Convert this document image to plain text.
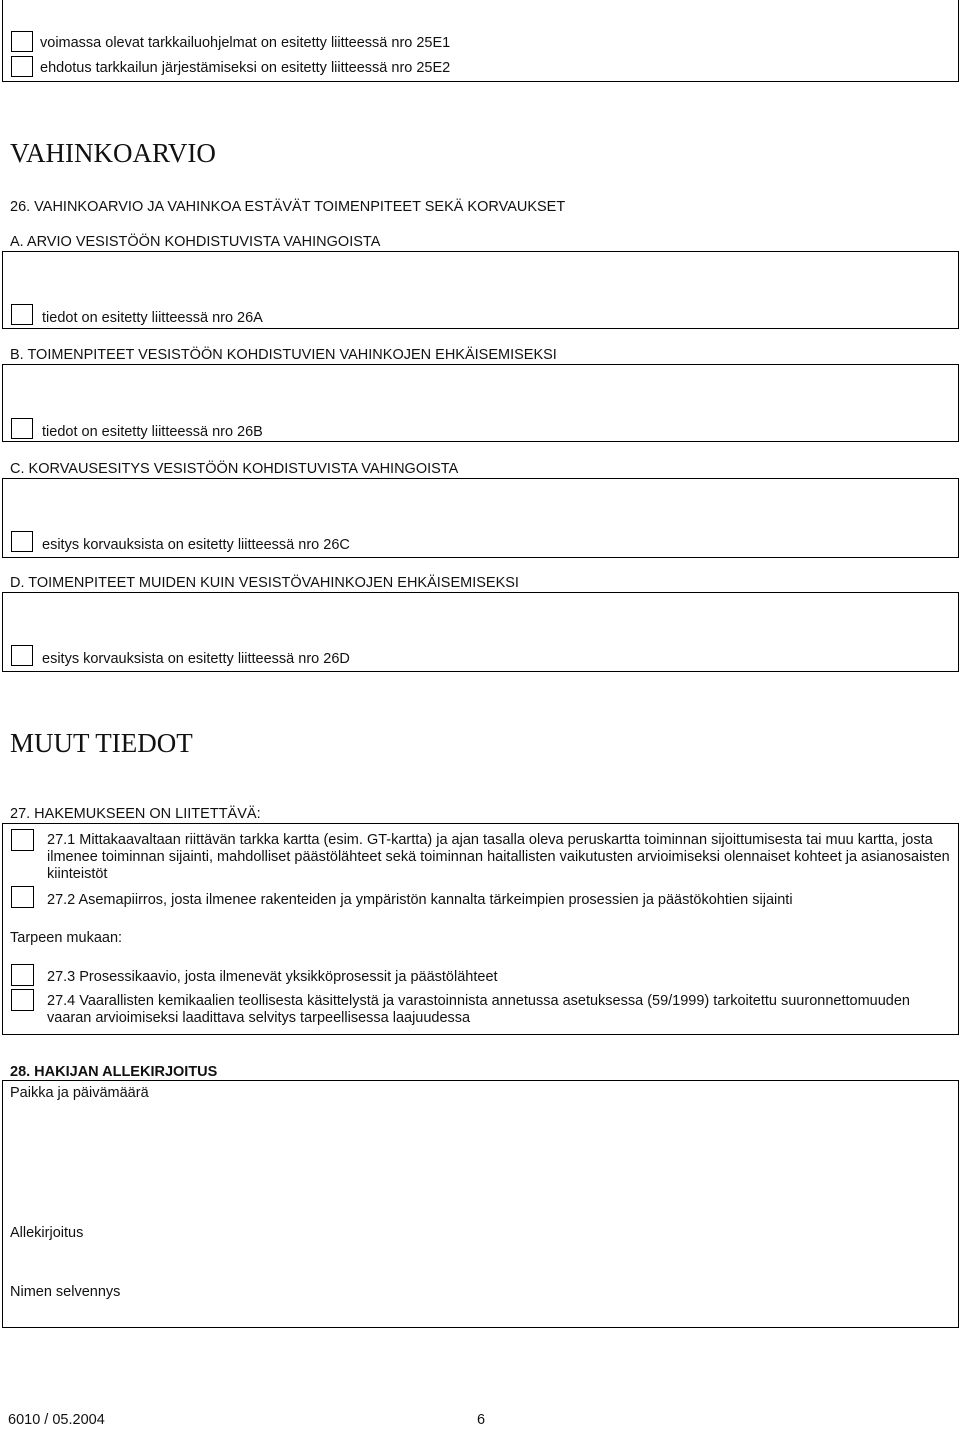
voimassa olevat tarkkailuohjelmat on esitetty liitteessä nro 25E1
ehdotus tarkkailun järjestämiseksi on esitetty liitteessä nro 25E2
VAHINKOARVIO
26. VAHINKOARVIO JA VAHINKOA ESTÄVÄT TOIMENPITEET SEKÄ KORVAUKSET
A. ARVIO VESISTÖÖN KOHDISTUVISTA VAHINGOISTA
tiedot on esitetty liitteessä nro 26A
B. TOIMENPITEET VESISTÖÖN KOHDISTUVIEN VAHINKOJEN EHKÄISEMISEKSI
tiedot on esitetty liitteessä nro 26B
C. KORVAUSESITYS VESISTÖÖN KOHDISTUVISTA VAHINGOISTA
esitys korvauksista on esitetty liitteessä nro 26C
D. TOIMENPITEET MUIDEN KUIN VESISTÖVAHINKOJEN EHKÄISEMISEKSI
esitys korvauksista on esitetty liitteessä nro 26D
MUUT TIEDOT
27. HAKEMUKSEEN ON LIITETTÄVÄ:
27.1 Mittakaavaltaan riittävän tarkka kartta (esim. GT-kartta) ja ajan tasalla oleva peruskartta toiminnan sijoittumisesta tai muu kartta, josta ilmenee toiminnan sijainti, mahdolliset päästölähteet sekä toiminnan haitallisten vaikutusten arvioimiseksi olennaiset kohteet ja asianosaisten kiinteistöt
27.2 Asemapiirros, josta ilmenee rakenteiden ja ympäristön kannalta tärkeimpien prosessien ja päästökohtien sijainti
Tarpeen mukaan:
27.3 Prosessikaavio, josta ilmenevät yksikköprosessit ja päästölähteet
27.4 Vaarallisten kemikaalien teollisesta käsittelystä ja varastoinnista annetussa asetuksessa (59/1999) tarkoitettu suuronnettomuuden vaaran arvioimiseksi laadittava selvitys tarpeellisessa laajuudessa
28. HAKIJAN ALLEKIRJOITUS
Paikka ja päivämäärä
Allekirjoitus
Nimen selvennys
6010 / 05.2004	6
